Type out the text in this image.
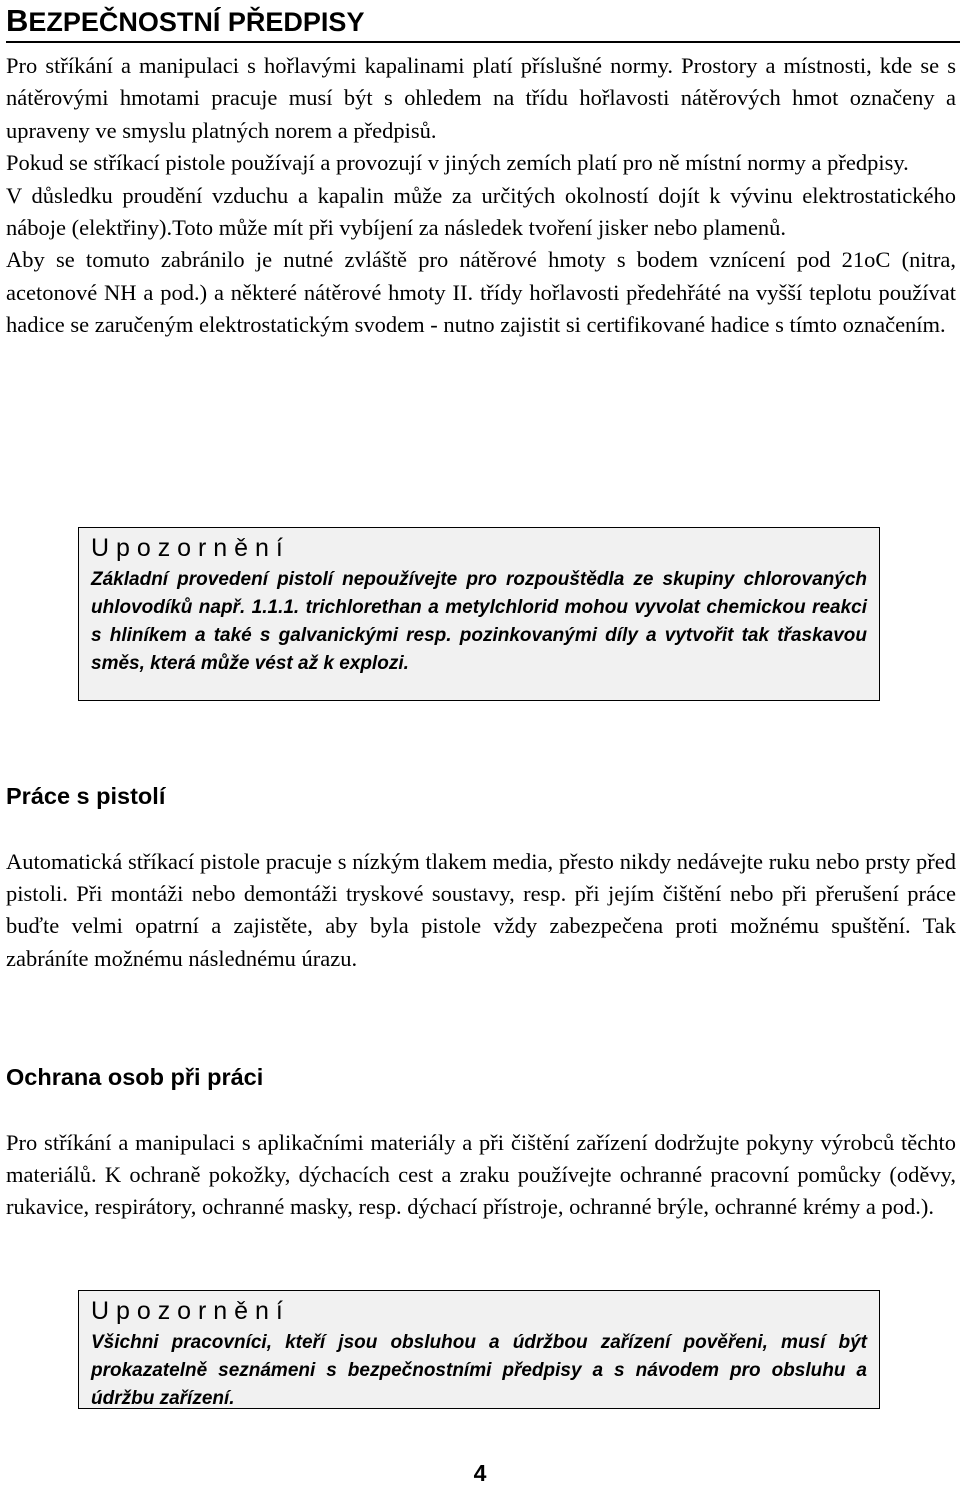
BEZPEČNOSTNÍ PŘEDPISY

Pro stříkání a manipulaci s hořlavými kapalinami platí příslušné normy. Prostory a místnosti, kde se s nátěrovými hmotami pracuje musí být s ohledem na třídu hořlavosti nátěrových hmot označeny a upraveny ve smyslu platných norem a předpisů.

Pokud se stříkací pistole používají a provozují v jiných zemích platí pro ně místní normy a předpisy.

V důsledku proudění vzduchu a kapalin může za určitých okolností dojít k vývinu elektrostatického náboje (elektřiny).Toto může mít při vybíjení za následek tvoření jisker nebo plamenů.

Aby se tomuto zabránilo je nutné zvláště pro nátěrové hmoty s bodem vznícení pod 21oC (nitra, acetonové NH a pod.) a některé nátěrové hmoty II. třídy hořlavosti předehřáté na vyšší teplotu používat hadice se zaručeným elektrostatickým svodem - nutno zajistit si certifikované hadice s tímto označením.

U p o z o r n ě n í

Základní provedení pistolí nepoužívejte pro rozpouštědla ze skupiny chlorovaných uhlovodíků např. 1.1.1. trichlorethan a metylchlorid mohou vyvolat chemickou reakci s hliníkem a také s galvanickými resp. pozinkovanými díly a vytvořit tak třaskavou směs, která může vést až k explozi.

Práce s pistolí

Automatická stříkací pistole pracuje s nízkým tlakem media, přesto nikdy nedávejte ruku nebo prsty před pistoli. Při montáži nebo demontáži tryskové soustavy, resp. při jejím čištění nebo při přerušení práce buďte velmi opatrní a zajistěte, aby byla pistole vždy zabezpečena proti možnému spuštění. Tak zabráníte možnému následnému úrazu.

Ochrana osob při práci

Pro stříkání a manipulaci s aplikačními materiály a při čištění zařízení dodržujte pokyny výrobců těchto materiálů. K ochraně pokožky, dýchacích cest a zraku používejte ochranné pracovní pomůcky (oděvy, rukavice, respirátory, ochranné masky, resp. dýchací přístroje, ochranné brýle, ochranné krémy a pod.).

U p o z o r n ě n í

Všichni pracovníci, kteří jsou obsluhou a údržbou zařízení pověřeni, musí být prokazatelně seznámeni s bezpečnostními předpisy a s návodem pro obsluhu a údržbu zařízení.

4
